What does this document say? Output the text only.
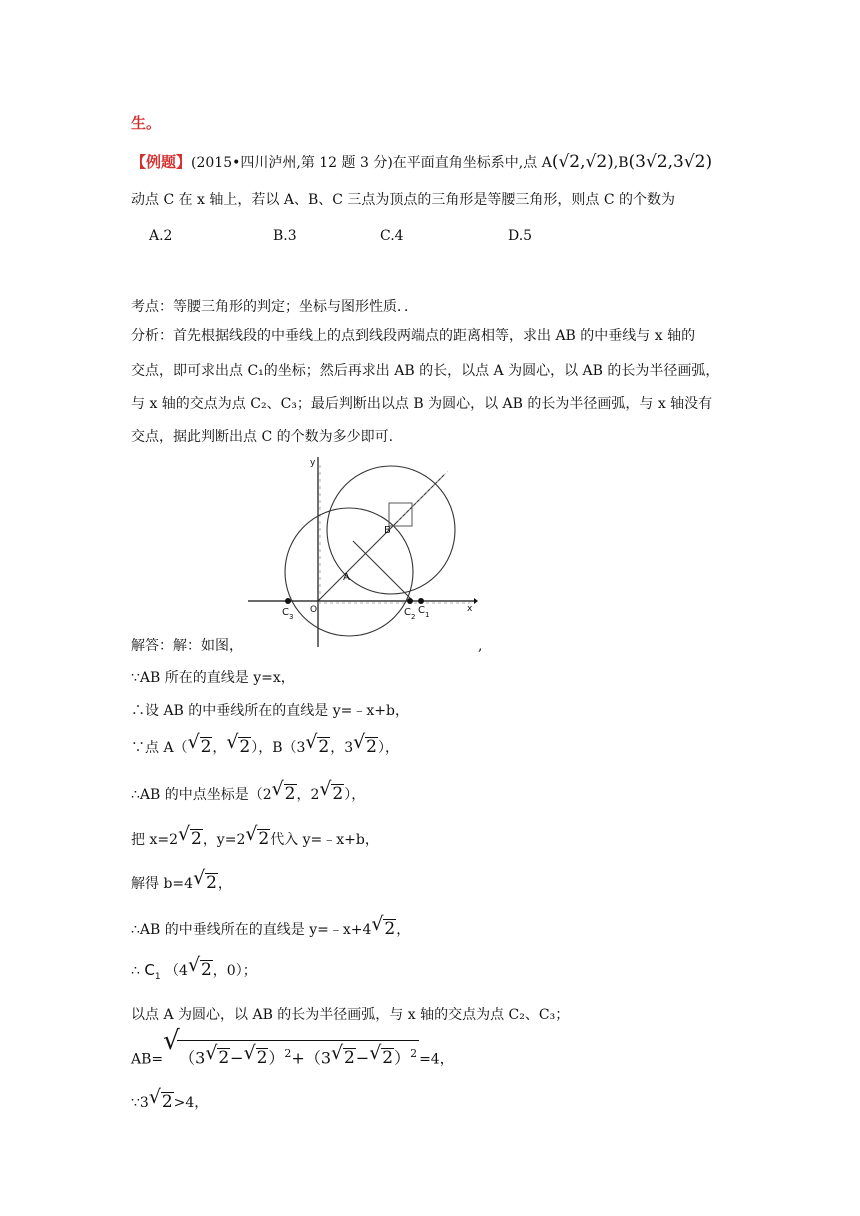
生。
【例题】(2015•四川泸州,第 12 题 3 分)在平面直角坐标系中,点 A(√2,√2),B(3√2,3√2)
动点 C 在 x 轴上，若以 A、B、C 三点为顶点的三角形是等腰三角形，则点 C 的个数为
A.2	B.3	C.4	D.5
考点：等腰三角形的判定；坐标与图形性质．．
分析：首先根据线段的中垂线上的点到线段两端点的距离相等，求出 AB 的中垂线与 x 轴的
交点，即可求出点 C₁的坐标；然后再求出 AB 的长，以点 A 为圆心，以 AB 的长为半径画弧，
与 x 轴的交点为点 C₂、C₃；最后判断出以点 B 为圆心，以 AB 的长为半径画弧，与 x 轴没有
交点，据此判断出点 C 的个数为多少即可.
A
B
O	x
y
C 3	C 2
C 1
解答：解：如图，	,
∵AB 所在的直线是 y=x，
∴设 AB 的中垂线所在的直线是 y=﹣x+b，
∵点 A（ √ 2， √ 2），B（3 √ 2，3 √ 2），
∴AB 的中点坐标是（2 √ 2，2 √ 2），
把 x=2 √ 2，y=2 √ 2代入 y=﹣x+b，
解得 b=4 √ 2，
∴AB 的中垂线所在的直线是 y=﹣x+4 √ 2，
∴ $C_1$ （4 √ 2，0）；
以点 A 为圆心，以 AB 的长为半径画弧，与 x 轴的交点为点 C₂、C₃；
AB=
√
（3 √ 2− √ 2）$^2$+（3 √ 2− √ 2）$^2$ =4，
∵3 √ 2>4，
